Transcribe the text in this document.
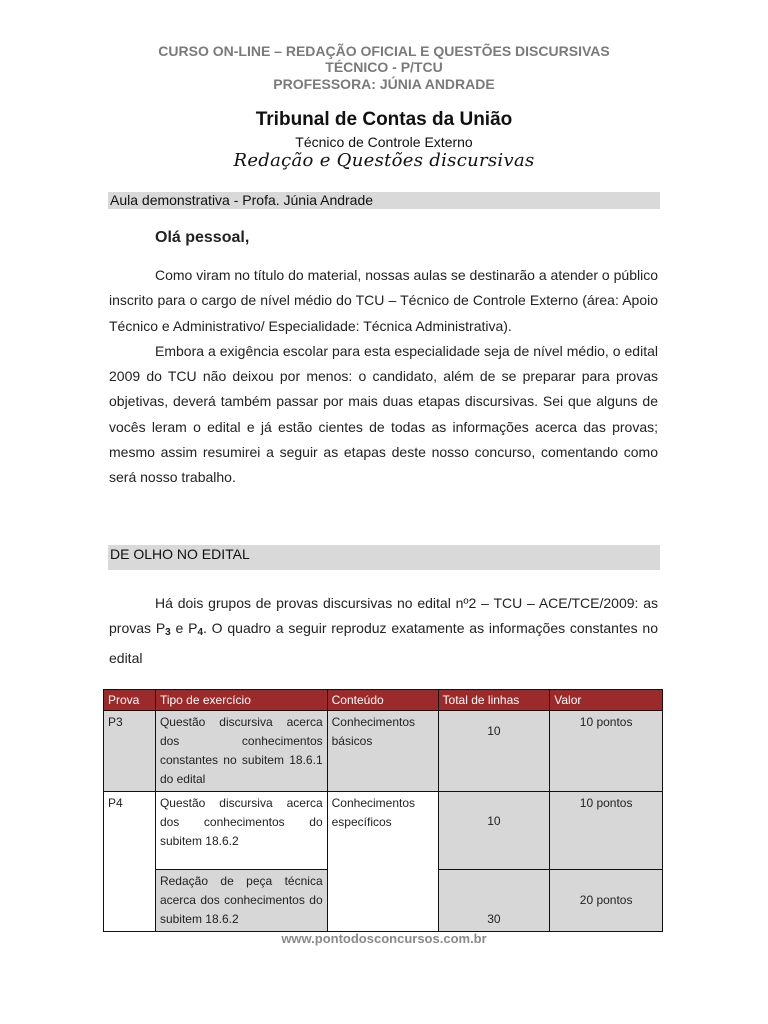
CURSO ON-LINE – REDAÇÃO OFICIAL E QUESTÕES DISCURSIVAS
TÉCNICO - P/TCU
PROFESSORA: JÚNIA ANDRADE
Tribunal de Contas da União
Técnico de Controle Externo
Redação e Questões discursivas
Aula demonstrativa - Profa. Júnia Andrade
Olá pessoal,
Como viram no título do material, nossas aulas se destinarão a atender o público inscrito para o cargo de nível médio do TCU – Técnico de Controle Externo (área: Apoio Técnico e Administrativo/ Especialidade: Técnica Administrativa).
Embora a exigência escolar para esta especialidade seja de nível médio, o edital 2009 do TCU não deixou por menos: o candidato, além de se preparar para provas objetivas, deverá também passar por mais duas etapas discursivas. Sei que alguns de vocês leram o edital e já estão cientes de todas as informações acerca das provas; mesmo assim resumirei a seguir as etapas deste nosso concurso, comentando como será nosso trabalho.
DE OLHO NO EDITAL
Há dois grupos de provas discursivas no edital nº2 – TCU – ACE/TCE/2009: as provas $P_3$ e $P_4$. O quadro a seguir reproduz exatamente as informações constantes no edital
Prova	Tipo de exercício	Conteúdo	Total de linhas	Valor
P3	Questão discursiva acerca dos conhecimentos constantes no subitem 18.6.1 do edital	Conhecimentos básicos	10	10 pontos
P4	Questão discursiva acerca dos conhecimentos do subitem 18.6.2	Conhecimentos específicos	10	10 pontos
	Redação de peça técnica acerca dos conhecimentos do subitem 18.6.2		30	20 pontos
www.pontodosconcursos.com.br
